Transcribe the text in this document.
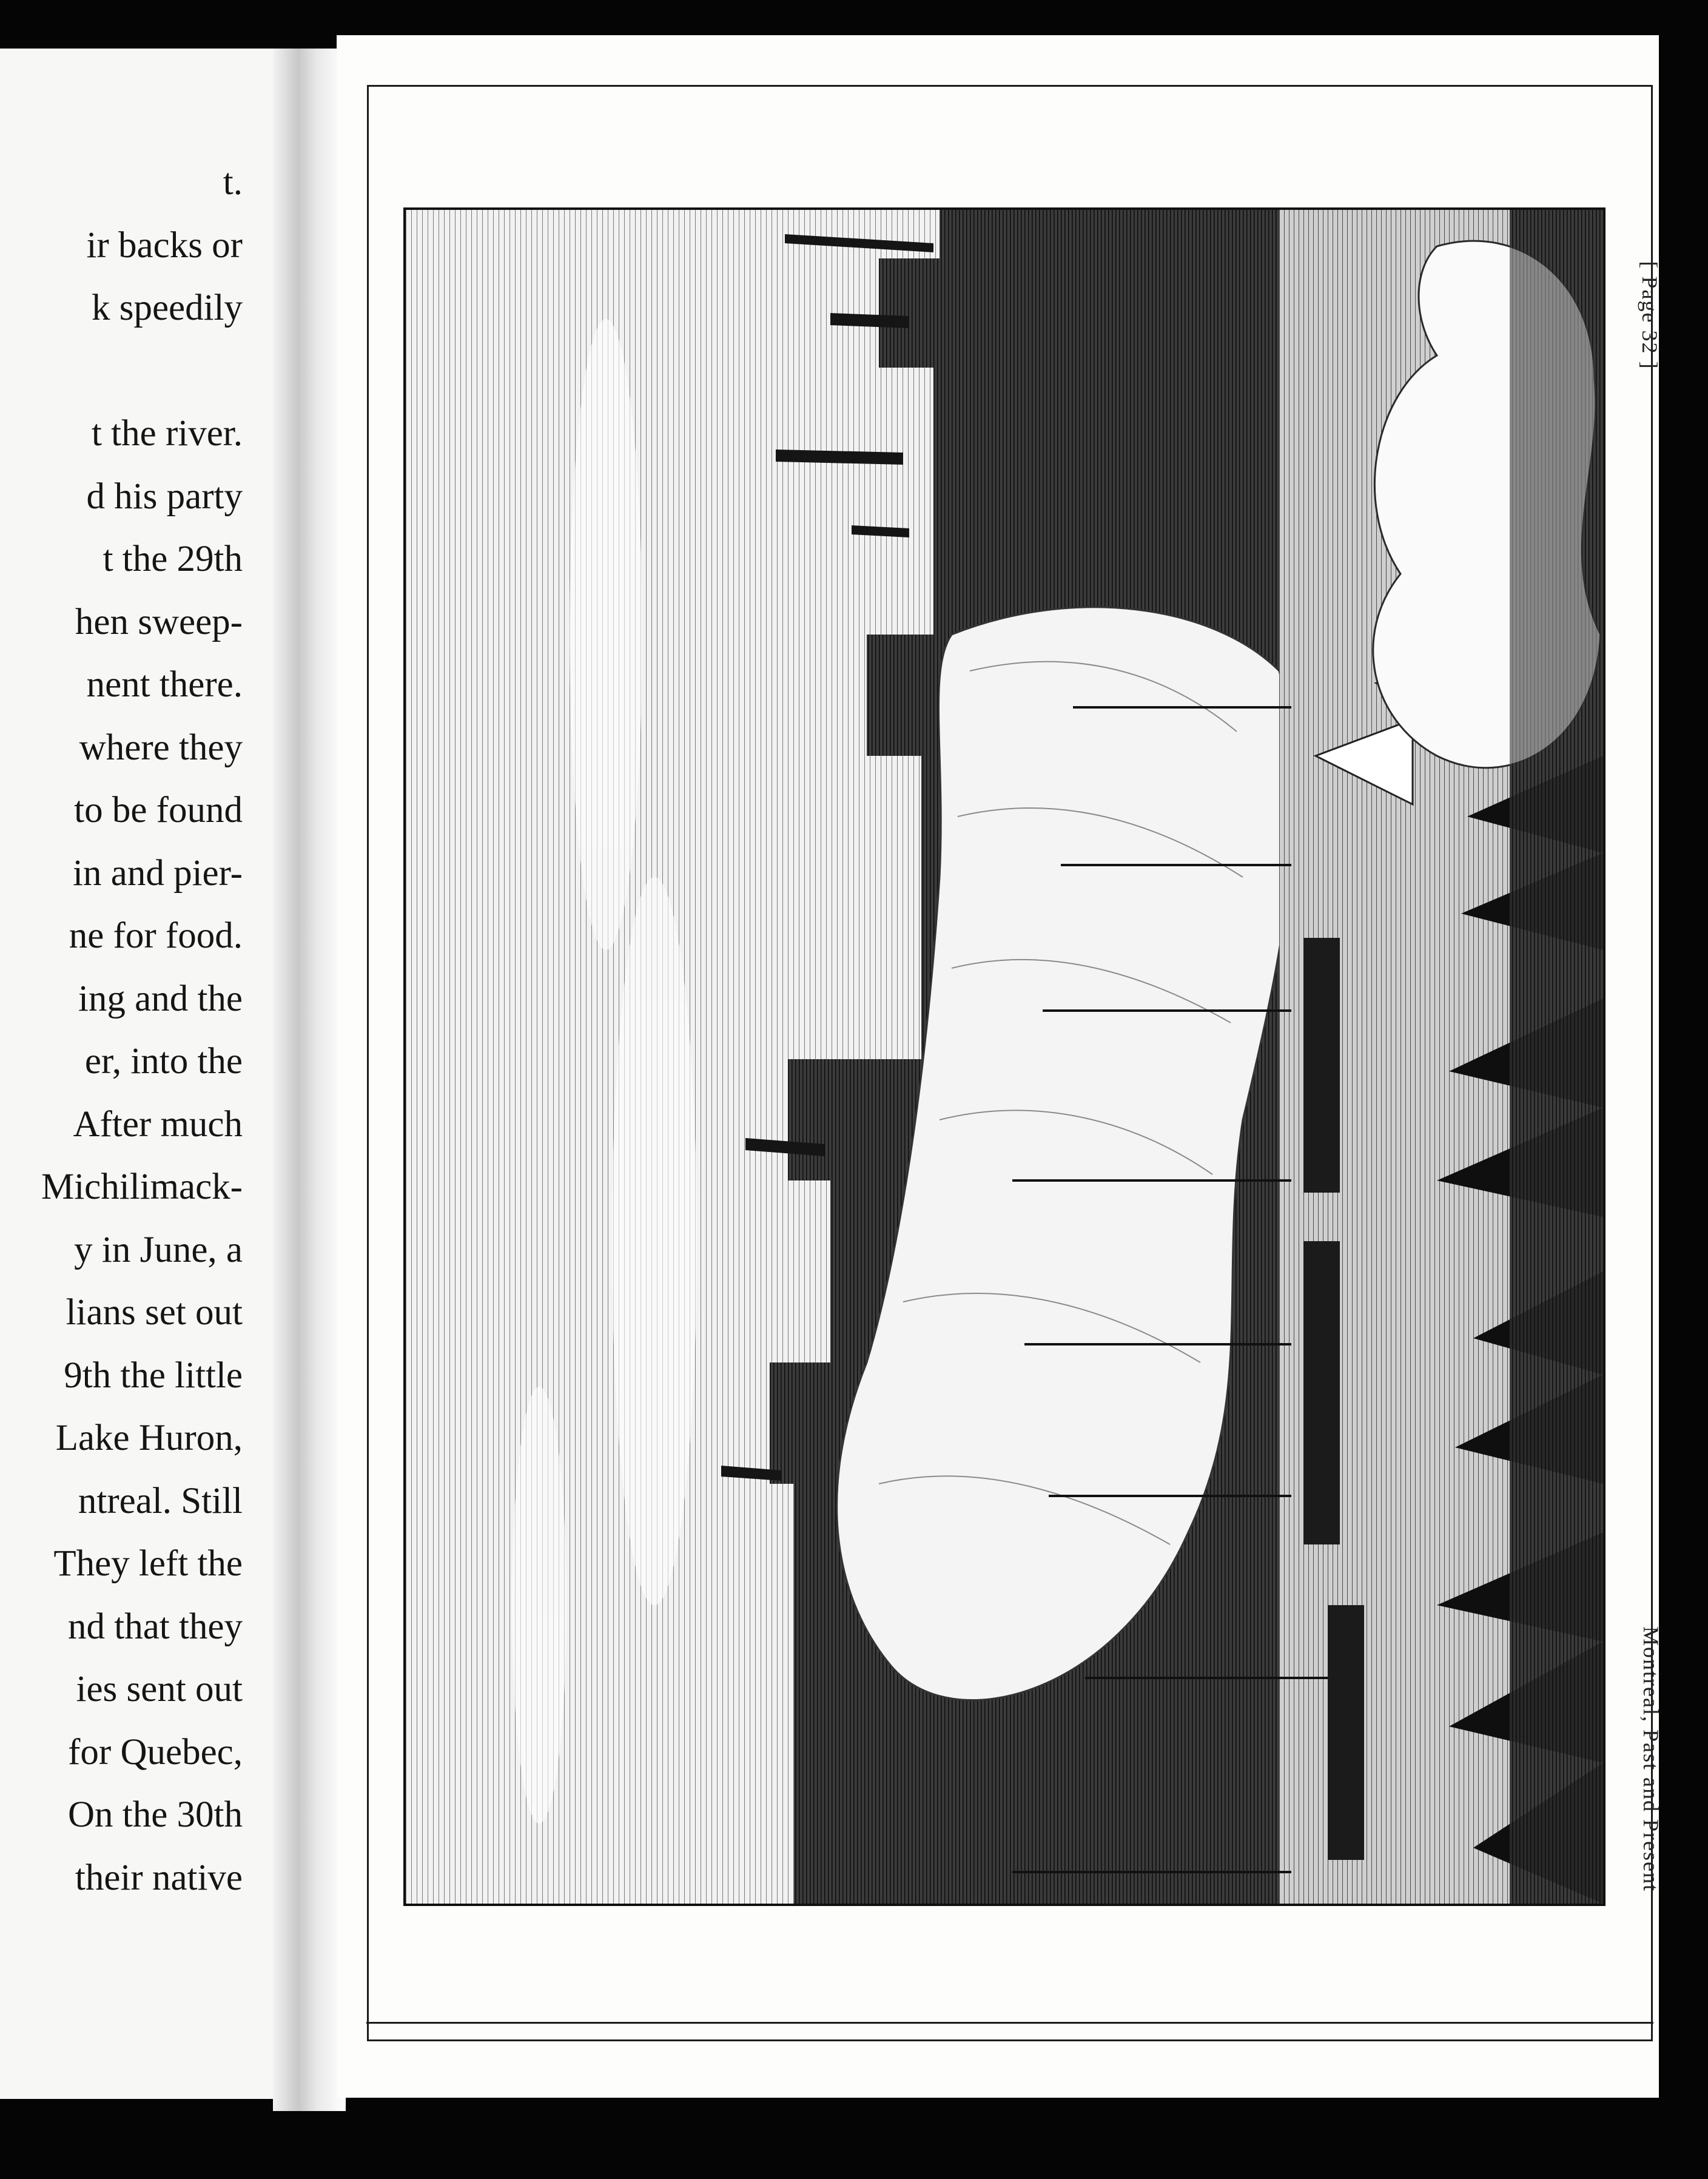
t.
ir backs or
k speedily
t the river.
d his party
t the 29th
hen sweep-
nent there.
where they
to be found
in and pier-
ne for food.
ing and the
er, into the
After much
Michilimack-
y in June, a
lians set out
9th the little
Lake Huron,
ntreal. Still
They left the
nd that they
ies sent out
for Quebec,
On the 30th
their native
[ Page 32 ]
Montreal, Past and Present
